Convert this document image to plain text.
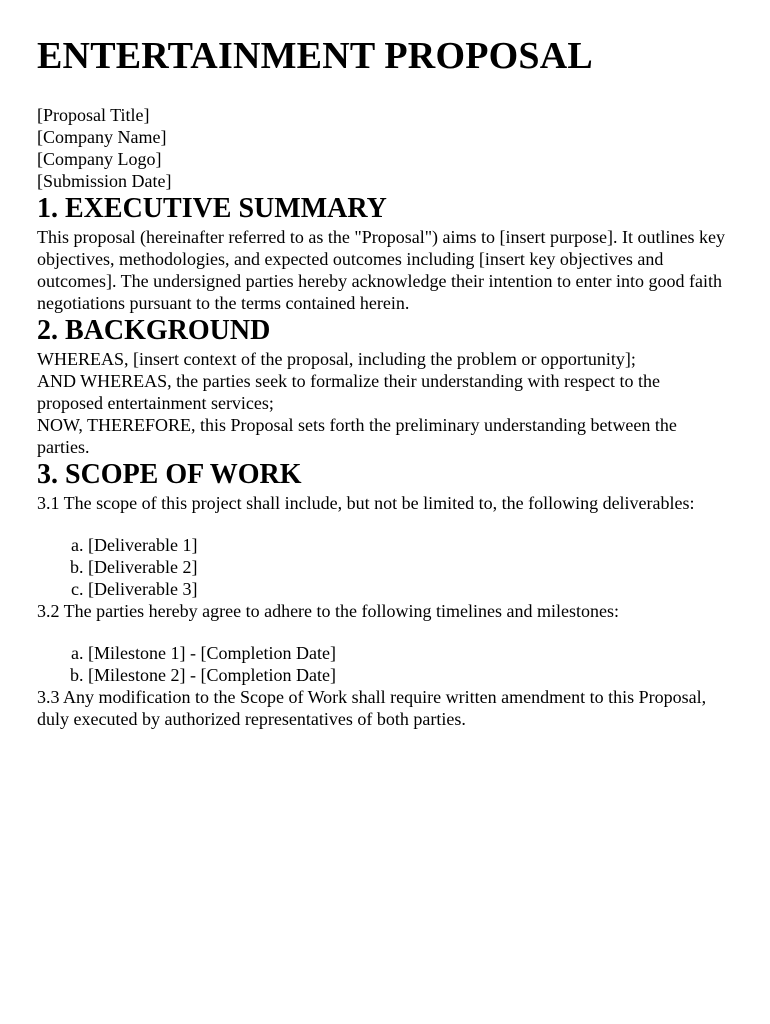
ENTERTAINMENT PROPOSAL
[Proposal Title]
[Company Name]
[Company Logo]
[Submission Date]
1. EXECUTIVE SUMMARY

This proposal (hereinafter referred to as the "Proposal") aims to [insert purpose]. It outlines key objectives, methodologies, and expected outcomes including [insert key objectives and outcomes]. The undersigned parties hereby acknowledge their intention to enter into good faith negotiations pursuant to the terms contained herein.

2. BACKGROUND

WHEREAS, [insert context of the proposal, including the problem or opportunity];

AND WHEREAS, the parties seek to formalize their understanding with respect to the proposed entertainment services;

NOW, THEREFORE, this Proposal sets forth the preliminary understanding between the parties.

3. SCOPE OF WORK

3.1 The scope of this project shall include, but not be limited to, the following deliverables:

a. [Deliverable 1]
b. [Deliverable 2]
c. [Deliverable 3]

3.2 The parties hereby agree to adhere to the following timelines and milestones:

a. [Milestone 1] - [Completion Date]
b. [Milestone 2] - [Completion Date]

3.3 Any modification to the Scope of Work shall require written amendment to this Proposal, duly executed by authorized representatives of both parties.
